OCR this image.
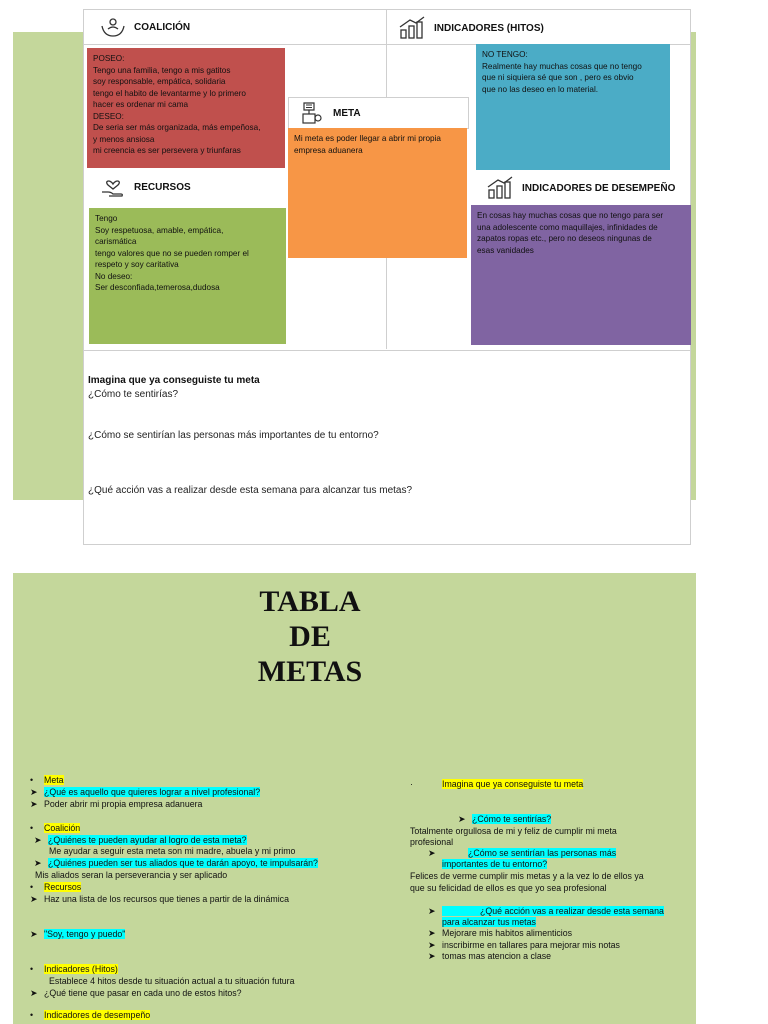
COALICIÓN	INDICADORES (HITOS)

POSEO:

Tengo una familia, tengo a mis gatitos

soy responsable, empática, solidaria

tengo el habito de levantarme y lo primero

hacer es ordenar mi cama

DESEO:

De seria ser más organizada, más empeñosa,

y menos ansiosa

mi creencia es ser persevera y triunfaras

NO TENGO:

Realmente hay muchas cosas que no tengo

que ni siquiera sé que son , pero es obvio

que no las deseo en lo material.

META

Mi meta es poder llegar a abrir mi propia empresa aduanera

RECURSOS	INDICADORES DE DESEMPEÑO

Tengo

Soy respetuosa, amable, empática,

carismática

tengo valores que no se pueden romper el

respeto y soy caritativa

No deseo:

Ser desconfiada,temerosa,dudosa

En cosas hay muchas cosas que no tengo para ser

una adolescente como maquillajes, infinidades de

zapatos ropas etc., pero no deseos ningunas de

esas vanidades

Imagina que ya conseguiste tu meta
¿Cómo te sentirías?
¿Cómo se sentirían las personas más importantes de tu entorno?
¿Qué acción vas a realizar desde esta semana para alcanzar tus metas?
TABLA
DE
METAS
• Meta
➤ ¿Qué es aquello que quieres lograr a nivel profesional?
➤ Poder abrir mi propia empresa adanuera
• Coalición
➤ ¿Quiénes te pueden ayudar al logro de esta meta?
Me ayudar a seguir esta meta son mi madre, abuela y mi primo
➤ ¿Quiénes pueden ser tus aliados que te darán apoyo, te impulsarán?
Mis aliados seran la perseverancia y ser aplicado
• Recursos
➤ Haz una lista de los recursos que tienes a partir de la dinámica
➤ "Soy, tengo y puedo"
• Indicadores (Hitos)
Establece 4 hitos desde tu situación actual a tu situación futura
➤ ¿Qué tiene que pasar en cada uno de estos hitos?
• Indicadores de desempeño
·	Imagina que ya conseguiste tu meta
➤ ¿Cómo te sentirías?
Totalmente orgullosa de mi y feliz de cumplir mi meta
profesional
➤	¿Cómo se sentirían las personas más
importantes de tu entorno?
Felices de verme cumplir mis metas y a la vez lo de ellos ya
que su felicidad de ellos es que yo sea profesional
➤	¿Qué acción vas a realizar desde esta semana
para alcanzar tus metas
➤ Mejorare mis habitos alimenticios
➤ inscribirme en tallares para mejorar mis notas
➤ tomas mas atencion a clase
